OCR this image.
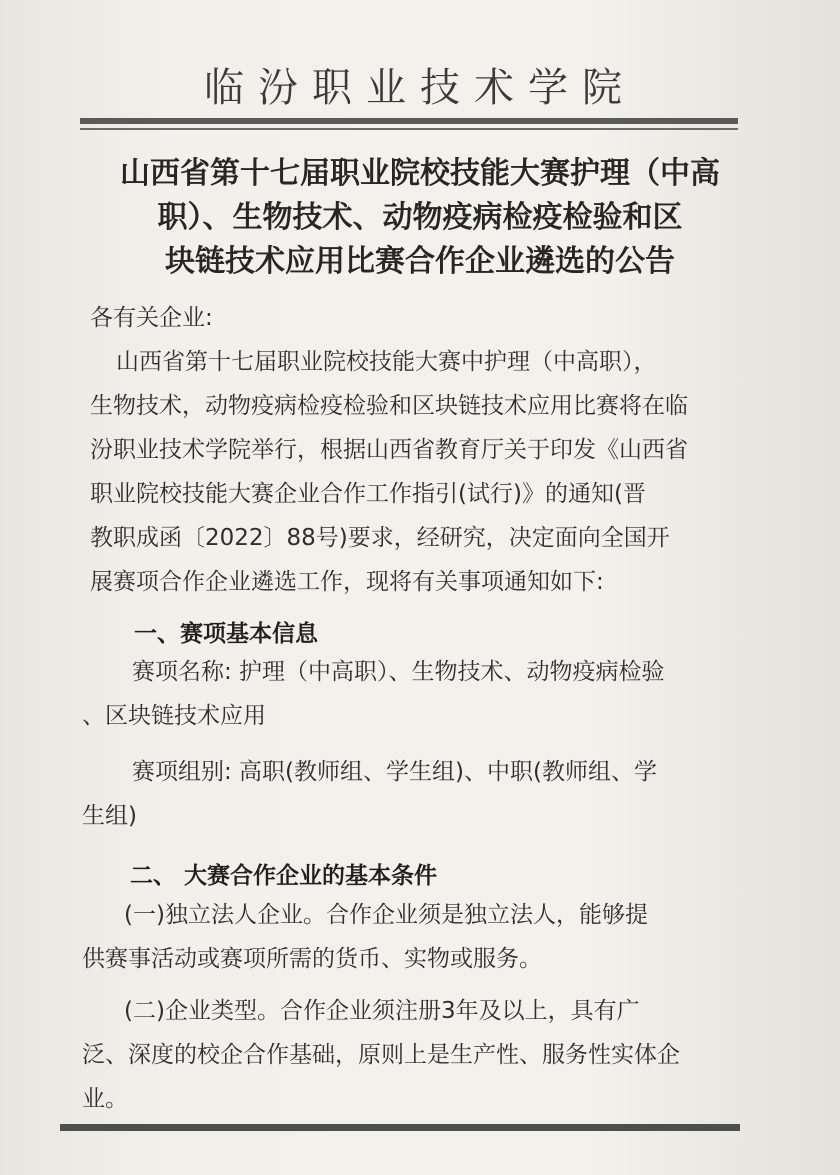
临汾职业技术学院
山西省第十七届职业院校技能大赛护理（中高
职）、生物技术、动物疫病检疫检验和区
块链技术应用比赛合作企业遴选的公告
各有关企业:
山西省第十七届职业院校技能大赛中护理（中高职），
生物技术，动物疫病检疫检验和区块链技术应用比赛将在临
汾职业技术学院举行，根据山西省教育厅关于印发《山西省
职业院校技能大赛企业合作工作指引(试行)》的通知(晋
教职成函〔2022〕88号)要求，经研究，决定面向全国开
展赛项合作企业遴选工作，现将有关事项通知如下:
一、赛项基本信息
赛项名称: 护理（中高职）、生物技术、动物疫病检验
、区块链技术应用
赛项组别: 高职(教师组、学生组)、中职(教师组、学
生组)
二、 大赛合作企业的基本条件
(一)独立法人企业。合作企业须是独立法人，能够提
供赛事活动或赛项所需的货币、实物或服务。
(二)企业类型。合作企业须注册3年及以上，具有广
泛、深度的校企合作基础，原则上是生产性、服务性实体企
业。
